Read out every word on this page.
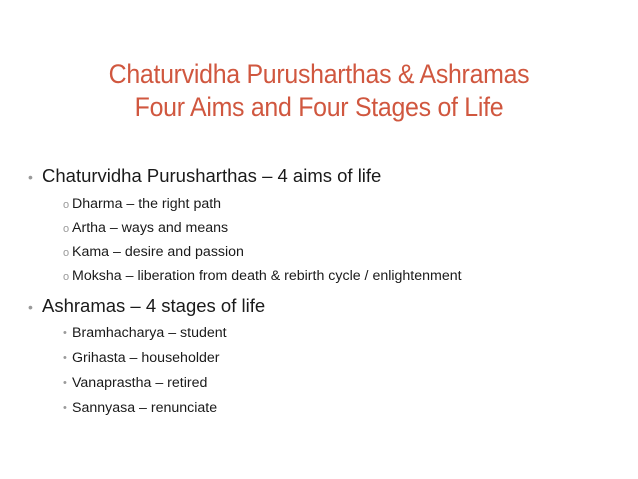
Chaturvidha Purusharthas & Ashramas
Four Aims and Four Stages of Life
• Chaturvidha Purusharthas – 4 aims of life
o Dharma – the right path
o Artha – ways and means
o Kama – desire and passion
o Moksha – liberation from death & rebirth cycle / enlightenment
• Ashramas – 4 stages of life
• Bramhacharya – student
• Grihasta – householder
• Vanaprastha – retired
• Sannyasa – renunciate
